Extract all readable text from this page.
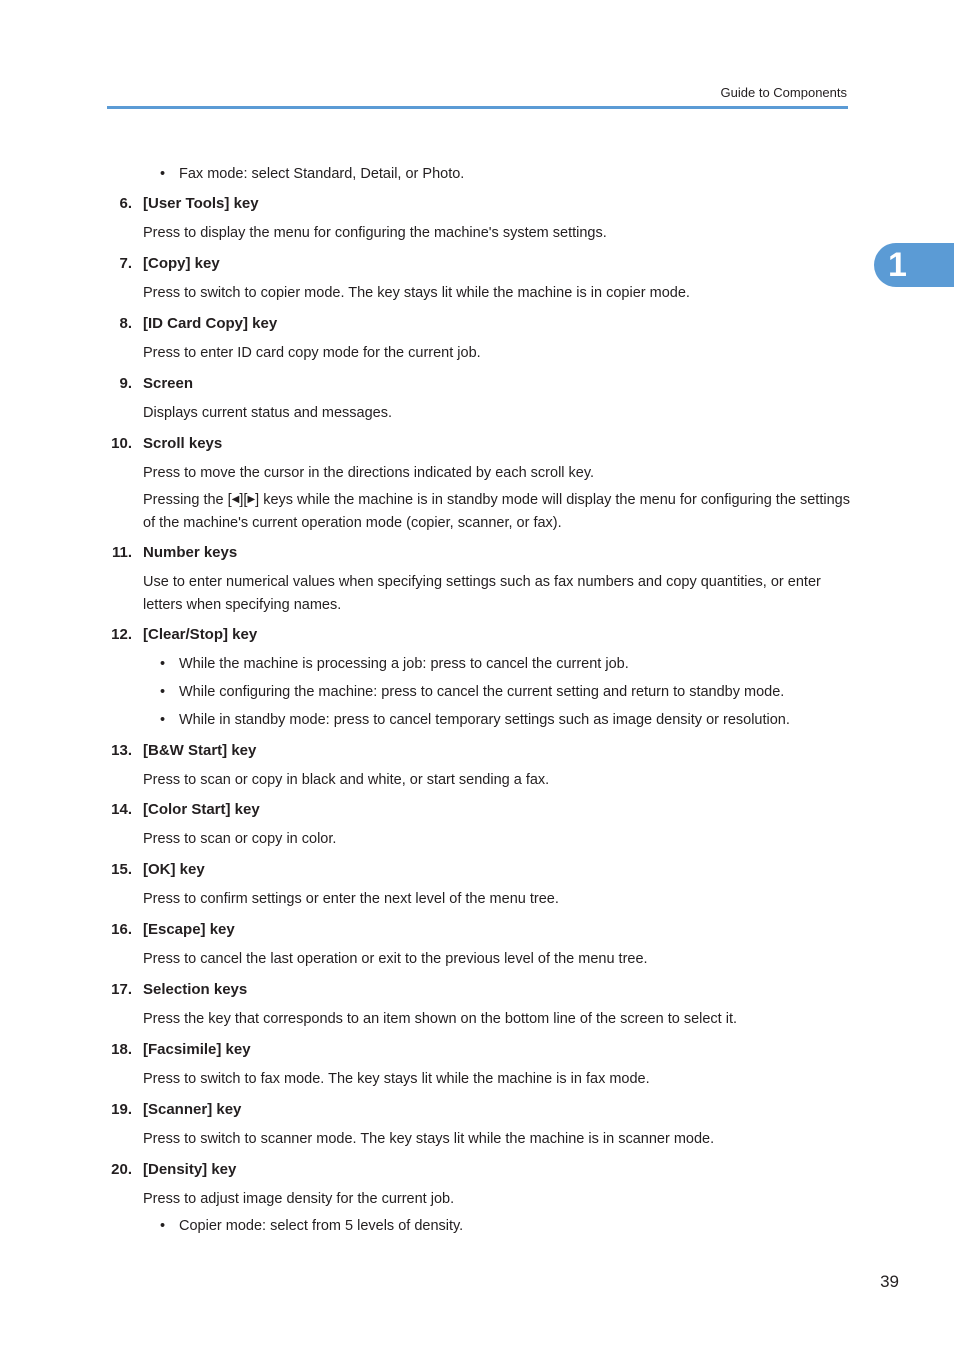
Guide to Components
1
• Fax mode: select Standard, Detail, or Photo.
6. [User Tools] key
Press to display the menu for configuring the machine's system settings.
7. [Copy] key
Press to switch to copier mode. The key stays lit while the machine is in copier mode.
8. [ID Card Copy] key
Press to enter ID card copy mode for the current job.
9. Screen
Displays current status and messages.
10. Scroll keys
Press to move the cursor in the directions indicated by each scroll key.
Pressing the [◀][▶] keys while the machine is in standby mode will display the menu for configuring the settings
of the machine's current operation mode (copier, scanner, or fax).
11. Number keys
Use to enter numerical values when specifying settings such as fax numbers and copy quantities, or enter
letters when specifying names.
12. [Clear/Stop] key
• While the machine is processing a job: press to cancel the current job.
• While configuring the machine: press to cancel the current setting and return to standby mode.
• While in standby mode: press to cancel temporary settings such as image density or resolution.
13. [B&W Start] key
Press to scan or copy in black and white, or start sending a fax.
14. [Color Start] key
Press to scan or copy in color.
15. [OK] key
Press to confirm settings or enter the next level of the menu tree.
16. [Escape] key
Press to cancel the last operation or exit to the previous level of the menu tree.
17. Selection keys
Press the key that corresponds to an item shown on the bottom line of the screen to select it.
18. [Facsimile] key
Press to switch to fax mode. The key stays lit while the machine is in fax mode.
19. [Scanner] key
Press to switch to scanner mode. The key stays lit while the machine is in scanner mode.
20. [Density] key
Press to adjust image density for the current job.
• Copier mode: select from 5 levels of density.
39
